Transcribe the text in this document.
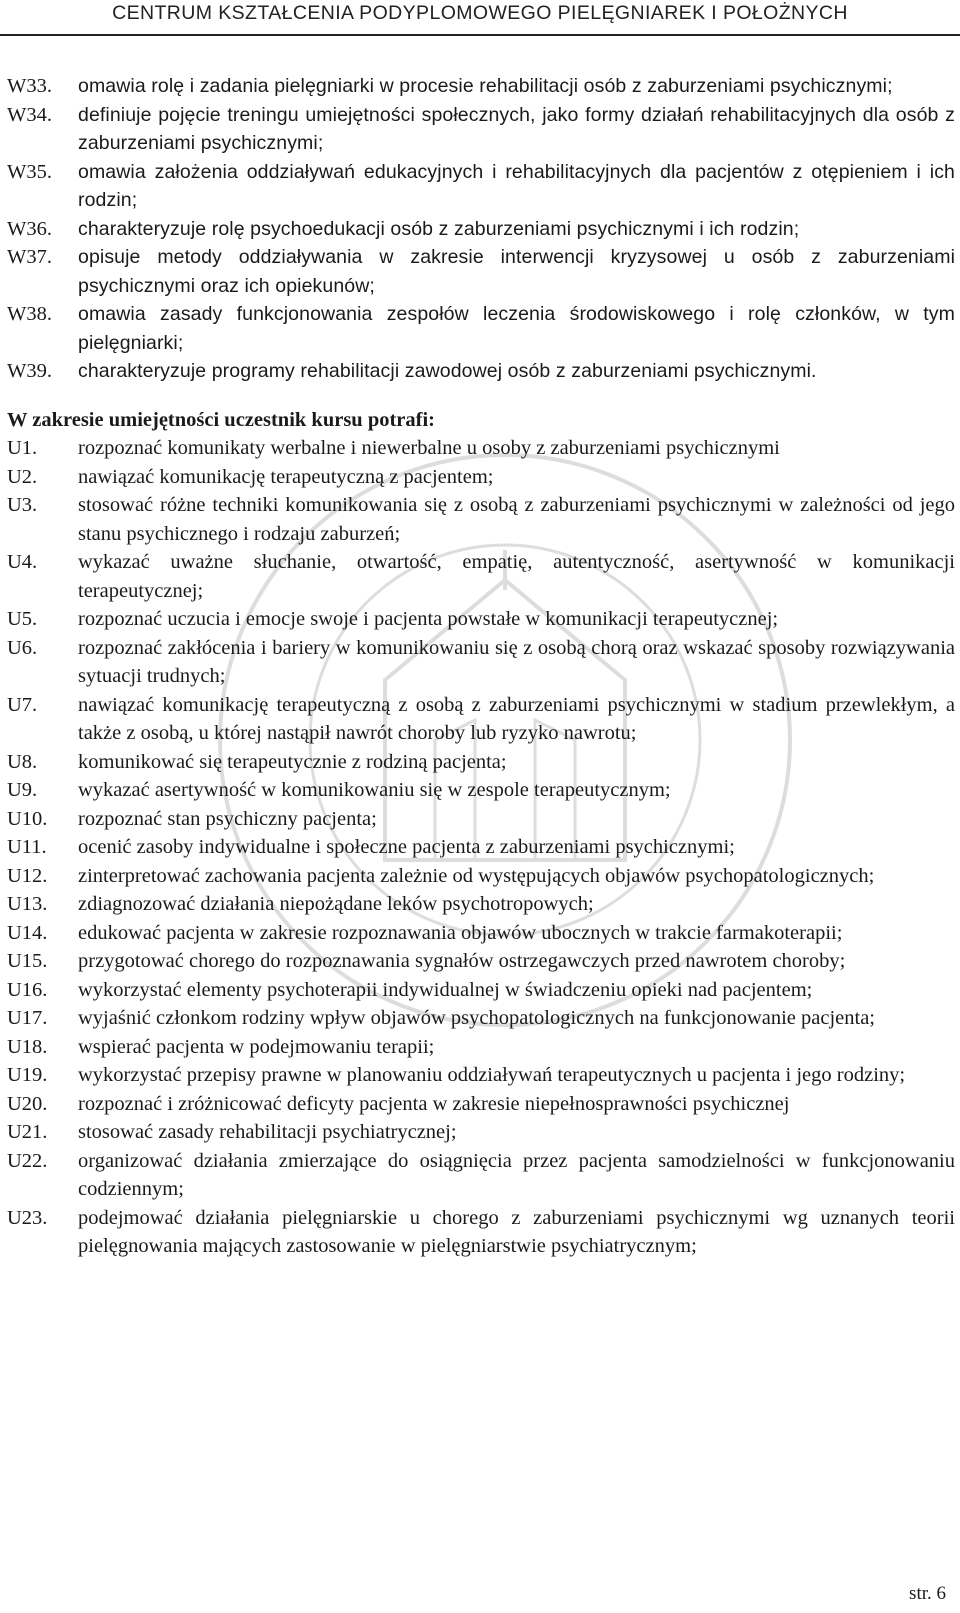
CENTRUM KSZTAŁCENIA PODYPLOMOWEGO PIELĘGNIAREK I POŁOŻNYCH
W33.	omawia rolę i zadania pielęgniarki w procesie rehabilitacji osób z zaburzeniami psychicznymi;
W34.	definiuje pojęcie treningu umiejętności społecznych, jako formy działań rehabilitacyjnych dla osób z zaburzeniami psychicznymi;
W35.	omawia założenia oddziaływań edukacyjnych i rehabilitacyjnych dla pacjentów z otępieniem i ich rodzin;
W36.	charakteryzuje rolę psychoedukacji osób z zaburzeniami psychicznymi i ich rodzin;
W37.	opisuje metody oddziaływania w zakresie interwencji kryzysowej u osób z zaburzeniami psychicznymi oraz ich opiekunów;
W38.	omawia zasady funkcjonowania zespołów leczenia środowiskowego i rolę członków, w tym pielęgniarki;
W39.	charakteryzuje programy rehabilitacji zawodowej osób z zaburzeniami psychicznymi.
W zakresie umiejętności uczestnik kursu potrafi:
U1.	rozpoznać komunikaty werbalne i niewerbalne u osoby z zaburzeniami psychicznymi
U2.	nawiązać komunikację terapeutyczną z pacjentem;
U3.	stosować różne techniki komunikowania się z osobą z zaburzeniami psychicznymi w zależności od jego stanu psychicznego i rodzaju zaburzeń;
U4.	wykazać uważne słuchanie, otwartość, empatię, autentyczność, asertywność w komunikacji terapeutycznej;
U5.	rozpoznać uczucia i emocje swoje i pacjenta powstałe w komunikacji terapeutycznej;
U6.	rozpoznać zakłócenia i bariery w komunikowaniu się z osobą chorą oraz wskazać sposoby rozwiązywania sytuacji trudnych;
U7.	nawiązać komunikację terapeutyczną z osobą z zaburzeniami psychicznymi w stadium przewlekłym, a także z osobą, u której nastąpił nawrót choroby lub ryzyko nawrotu;
U8.	komunikować się terapeutycznie z rodziną pacjenta;
U9.	wykazać asertywność w komunikowaniu się w zespole terapeutycznym;
U10.	rozpoznać stan psychiczny pacjenta;
U11.	ocenić zasoby indywidualne i społeczne pacjenta z zaburzeniami psychicznymi;
U12.	zinterpretować zachowania pacjenta zależnie od występujących objawów psychopatologicznych;
U13.	zdiagnozować działania niepożądane leków psychotropowych;
U14.	edukować pacjenta w zakresie rozpoznawania objawów ubocznych w trakcie farmakoterapii;
U15.	przygotować chorego do rozpoznawania sygnałów ostrzegawczych przed nawrotem choroby;
U16.	wykorzystać elementy psychoterapii indywidualnej w świadczeniu opieki nad pacjentem;
U17.	wyjaśnić członkom rodziny wpływ objawów psychopatologicznych na funkcjonowanie pacjenta;
U18.	wspierać pacjenta w podejmowaniu terapii;
U19.	wykorzystać przepisy prawne w planowaniu oddziaływań terapeutycznych u pacjenta i jego rodziny;
U20.	rozpoznać i zróżnicować deficyty pacjenta w zakresie niepełnosprawności psychicznej
U21.	stosować zasady rehabilitacji psychiatrycznej;
U22.	organizować działania zmierzające do osiągnięcia przez pacjenta samodzielności w funkcjonowaniu codziennym;
U23.	podejmować działania pielęgniarskie u chorego z zaburzeniami psychicznymi wg uznanych teorii pielęgnowania mających zastosowanie w pielęgniarstwie psychiatrycznym;
str. 6
